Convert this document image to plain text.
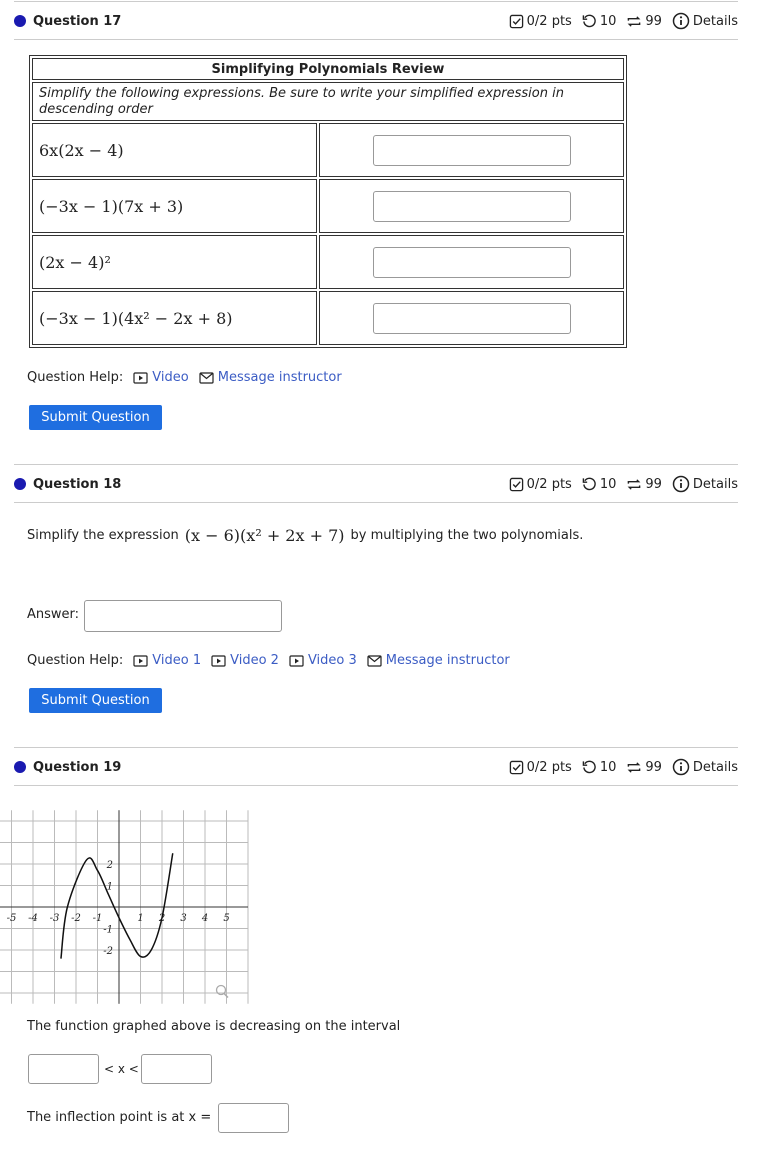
Question 17	0/2 pts 10 99 Details
Simplifying Polynomials Review	
Simplify the following expressions. Be sure to write your simplified expression in descending order	
6x(2x − 4)	

(−3x − 1)(7x + 3)	

(2x − 4)²	

(−3x − 1)(4x² − 2x + 8)	
Question Help: Video Message instructor
Submit Question
Question 18	0/2 pts 10 99 Details
Simplify the expression (x − 6)(x² + 2x + 7) by multiplying the two polynomials.
Answer:
Question Help: Video 1 Video 2 Video 3 Message instructor
Submit Question
Question 19	0/2 pts 10 99 Details
-5 -4 -3 -2 -1	1 2 3 4 5
-2
-1
1
2
The function graphed above is decreasing on the interval
< x <
The inflection point is at x =
